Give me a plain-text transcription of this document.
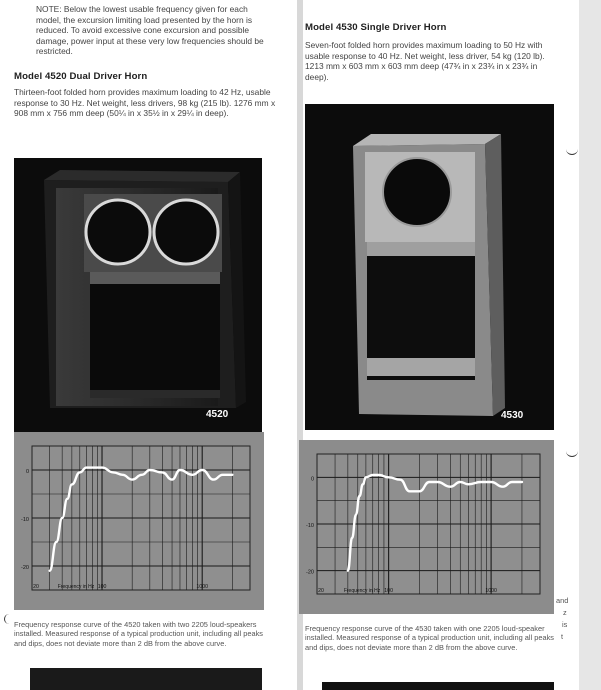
NOTE: Below the lowest usable frequency given for each model, the excursion limiting load presented by the horn is reduced. To avoid excessive cone excursion and possible damage, power input at these very low frequencies should be restricted.
Model 4520 Dual Driver Horn
Thirteen-foot folded horn provides maximum loading to 42 Hz, usable response to 30 Hz. Net weight, less drivers, 98 kg (215 lb). 1276 mm x 908 mm x 756 mm deep (50¼ in x 35½ in x 29¼ in deep).
Model 4530 Single Driver Horn
Seven-foot folded horn provides maximum loading to 50 Hz with usable response to 40 Hz. Net weight, less driver, 54 kg (120 lb). 1213 mm x 603 mm x 603 mm deep (47¾ in x 23¾ in x 23¾ in deep).
4520	4530
0
-10
-20
20	100	1000
Frequency in Hz
0
-10
-20
20	100	1000
Frequency in Hz
Frequency response curve of the 4520 taken with two 2205 loud-speakers installed. Measured response of a typical production unit, including all peaks and dips, does not deviate more than 2 dB from the above curve.
Frequency response curve of the 4530 taken with one 2205 loud-speaker installed. Measured response of a typical production unit, including all peaks and dips, does not deviate more than 2 dB from the above curve.
and
z
is
t
